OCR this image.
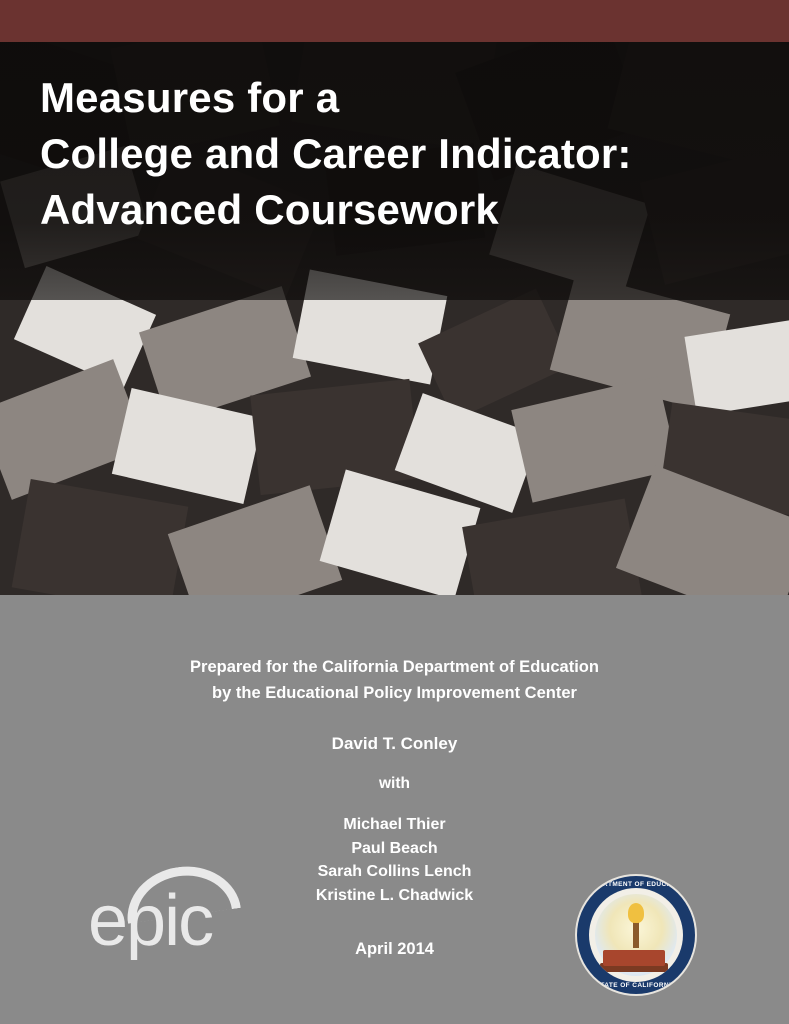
Measures for a
College and Career Indicator:
Advanced Coursework
Prepared for the California Department of Education
by the Educational Policy Improvement Center
David T. Conley
with
Michael Thier
Paul Beach
Sarah Collins Lench
Kristine L. Chadwick
April 2014
epic	DEPARTMENT OF EDUCATION
STATE OF CALIFORNIA
